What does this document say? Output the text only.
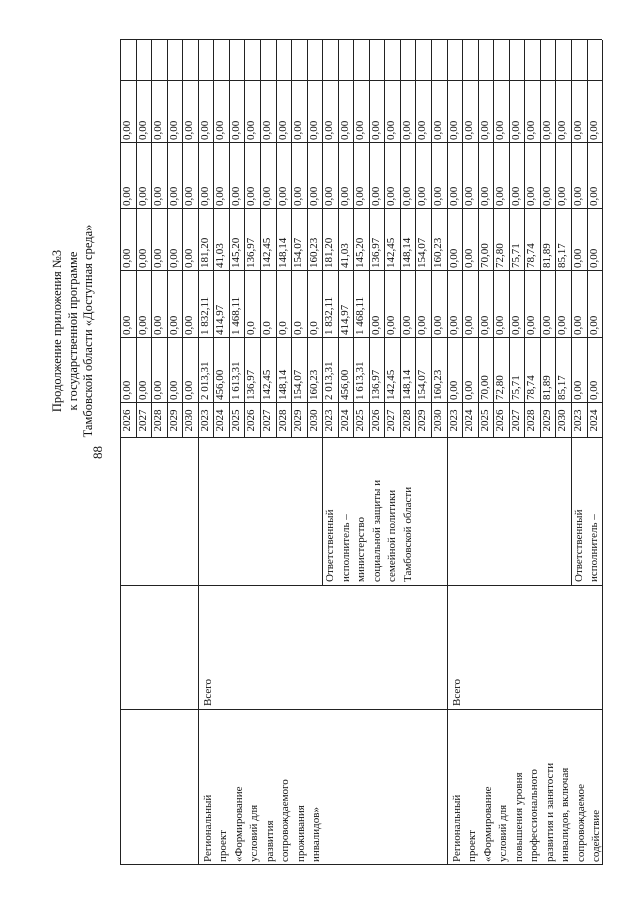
88
Продолжение приложения №3 к государственной программе Тамбовской области «Доступная среда»
Региональный
проект
«Формирование
условий для
развития
сопровождаемого
проживания
инвалидов»
Всего
Ответственный
исполнитель –
министерство
социальной защиты и
семейной политики
Тамбовской области
Региональный
проект
«Формирование
условий для
повышения уровня
профессионального
развития и занятости
инвалидов, включая
сопровождаемое
содействие
Всего
Ответственный
исполнитель –
2026
0,00
0,00
0,00
0,00
0,00
2027
0,00
0,00
0,00
0,00
0,00
2028
0,00
0,00
0,00
0,00
0,00
2029
0,00
0,00
0,00
0,00
0,00
2030
0,00
0,00
0,00
0,00
0,00
2023
2 013,31
1 832,11
181,20
0,00
0,00
2024
456,00
414,97
41,03
0,00
0,00
2025
1 613,31
1 468,11
145,20
0,00
0,00
2026
136,97
0,0
136,97
0,00
0,00
2027
142,45
0,0
142,45
0,00
0,00
2028
148,14
0,0
148,14
0,00
0,00
2029
154,07
0,0
154,07
0,00
0,00
2030
160,23
0,0
160,23
0,00
0,00
2023
2 013,31
1 832,11
181,20
0,00
0,00
2024
456,00
414,97
41,03
0,00
0,00
2025
1 613,31
1 468,11
145,20
0,00
0,00
2026
136,97
0,00
136,97
0,00
0,00
2027
142,45
0,00
142,45
0,00
0,00
2028
148,14
0,00
148,14
0,00
0,00
2029
154,07
0,00
154,07
0,00
0,00
2030
160,23
0,00
160,23
0,00
0,00
2023
0,00
0,00
0,00
0,00
0,00
2024
0,00
0,00
0,00
0,00
0,00
2025
70,00
0,00
70,00
0,00
0,00
2026
72,80
0,00
72,80
0,00
0,00
2027
75,71
0,00
75,71
0,00
0,00
2028
78,74
0,00
78,74
0,00
0,00
2029
81,89
0,00
81,89
0,00
0,00
2030
85,17
0,00
85,17
0,00
0,00
2023
0,00
0,00
0,00
0,00
0,00
2024
0,00
0,00
0,00
0,00
0,00
